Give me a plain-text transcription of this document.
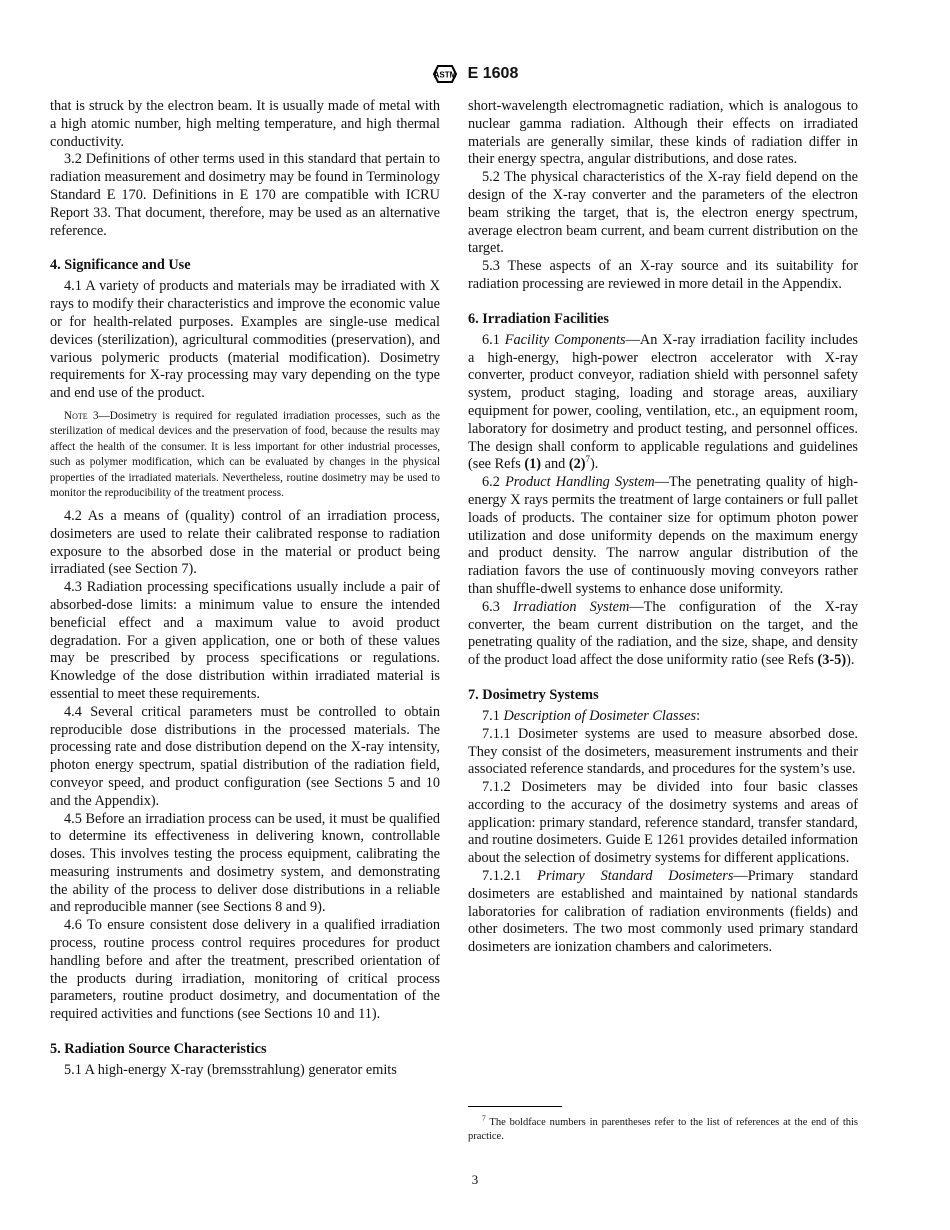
ASTM E 1608

that is struck by the electron beam. It is usually made of metal with a high atomic number, high melting temperature, and high thermal conductivity.

3.2 Definitions of other terms used in this standard that pertain to radiation measurement and dosimetry may be found in Terminology Standard E 170. Definitions in E 170 are compatible with ICRU Report 33. That document, therefore, may be used as an alternative reference.

4. Significance and Use

4.1 A variety of products and materials may be irradiated with X rays to modify their characteristics and improve the economic value or for health-related purposes. Examples are single-use medical devices (sterilization), agricultural commodities (preservation), and various polymeric products (material modification). Dosimetry requirements for X-ray processing may vary depending on the type and end use of the product.

Note 3—Dosimetry is required for regulated irradiation processes, such as the sterilization of medical devices and the preservation of food, because the results may affect the health of the consumer. It is less important for other industrial processes, such as polymer modification, which can be evaluated by changes in the physical properties of the irradiated materials. Nevertheless, routine dosimetry may be used to monitor the reproducibility of the treatment process.

4.2 As a means of (quality) control of an irradiation process, dosimeters are used to relate their calibrated response to radiation exposure to the absorbed dose in the material or product being irradiated (see Section 7).

4.3 Radiation processing specifications usually include a pair of absorbed-dose limits: a minimum value to ensure the intended beneficial effect and a maximum value to avoid product degradation. For a given application, one or both of these values may be prescribed by process specifications or regulations. Knowledge of the dose distribution within irradiated material is essential to meet these requirements.

4.4 Several critical parameters must be controlled to obtain reproducible dose distributions in the processed materials. The processing rate and dose distribution depend on the X-ray intensity, photon energy spectrum, spatial distribution of the radiation field, conveyor speed, and product configuration (see Sections 5 and 10 and the Appendix).

4.5 Before an irradiation process can be used, it must be qualified to determine its effectiveness in delivering known, controllable doses. This involves testing the process equipment, calibrating the measuring instruments and dosimetry system, and demonstrating the ability of the process to deliver dose distributions in a reliable and reproducible manner (see Sections 8 and 9).

4.6 To ensure consistent dose delivery in a qualified irradiation process, routine process control requires procedures for product handling before and after the treatment, prescribed orientation of the products during irradiation, monitoring of critical process parameters, routine product dosimetry, and documentation of the required activities and functions (see Sections 10 and 11).

5. Radiation Source Characteristics

5.1 A high-energy X-ray (bremsstrahlung) generator emits

short-wavelength electromagnetic radiation, which is analogous to nuclear gamma radiation. Although their effects on irradiated materials are generally similar, these kinds of radiation differ in their energy spectra, angular distributions, and dose rates.

5.2 The physical characteristics of the X-ray field depend on the design of the X-ray converter and the parameters of the electron beam striking the target, that is, the electron energy spectrum, average electron beam current, and beam current distribution on the target.

5.3 These aspects of an X-ray source and its suitability for radiation processing are reviewed in more detail in the Appendix.

6. Irradiation Facilities

6.1 Facility Components—An X-ray irradiation facility includes a high-energy, high-power electron accelerator with X-ray converter, product conveyor, radiation shield with personnel safety system, product staging, loading and storage areas, auxiliary equipment for power, cooling, ventilation, etc., an equipment room, laboratory for dosimetry and product testing, and personnel offices. The design shall conform to applicable regulations and guidelines (see Refs (1) and $(2)^7$).

6.2 Product Handling System—The penetrating quality of high-energy X rays permits the treatment of large containers or full pallet loads of products. The container size for optimum photon power utilization and dose uniformity depends on the maximum energy and product density. The narrow angular distribution of the radiation favors the use of continuously moving conveyors rather than shuffle-dwell systems to enhance dose uniformity.

6.3 Irradiation System—The configuration of the X-ray converter, the beam current distribution on the target, and the penetrating quality of the radiation, and the size, shape, and density of the product load affect the dose uniformity ratio (see Refs (3-5)).

7. Dosimetry Systems

7.1 Description of Dosimeter Classes:

7.1.1 Dosimeter systems are used to measure absorbed dose. They consist of the dosimeters, measurement instruments and their associated reference standards, and procedures for the system’s use.

7.1.2 Dosimeters may be divided into four basic classes according to the accuracy of the dosimetry systems and areas of application: primary standard, reference standard, transfer standard, and routine dosimeters. Guide E 1261 provides detailed information about the selection of dosimetry systems for different applications.

7.1.2.1 Primary Standard Dosimeters—Primary standard dosimeters are established and maintained by national standards laboratories for calibration of radiation environments (fields) and other dosimeters. The two most commonly used primary standard dosimeters are ionization chambers and calorimeters.

$^7$ The boldface numbers in parentheses refer to the list of references at the end of this practice.

3
